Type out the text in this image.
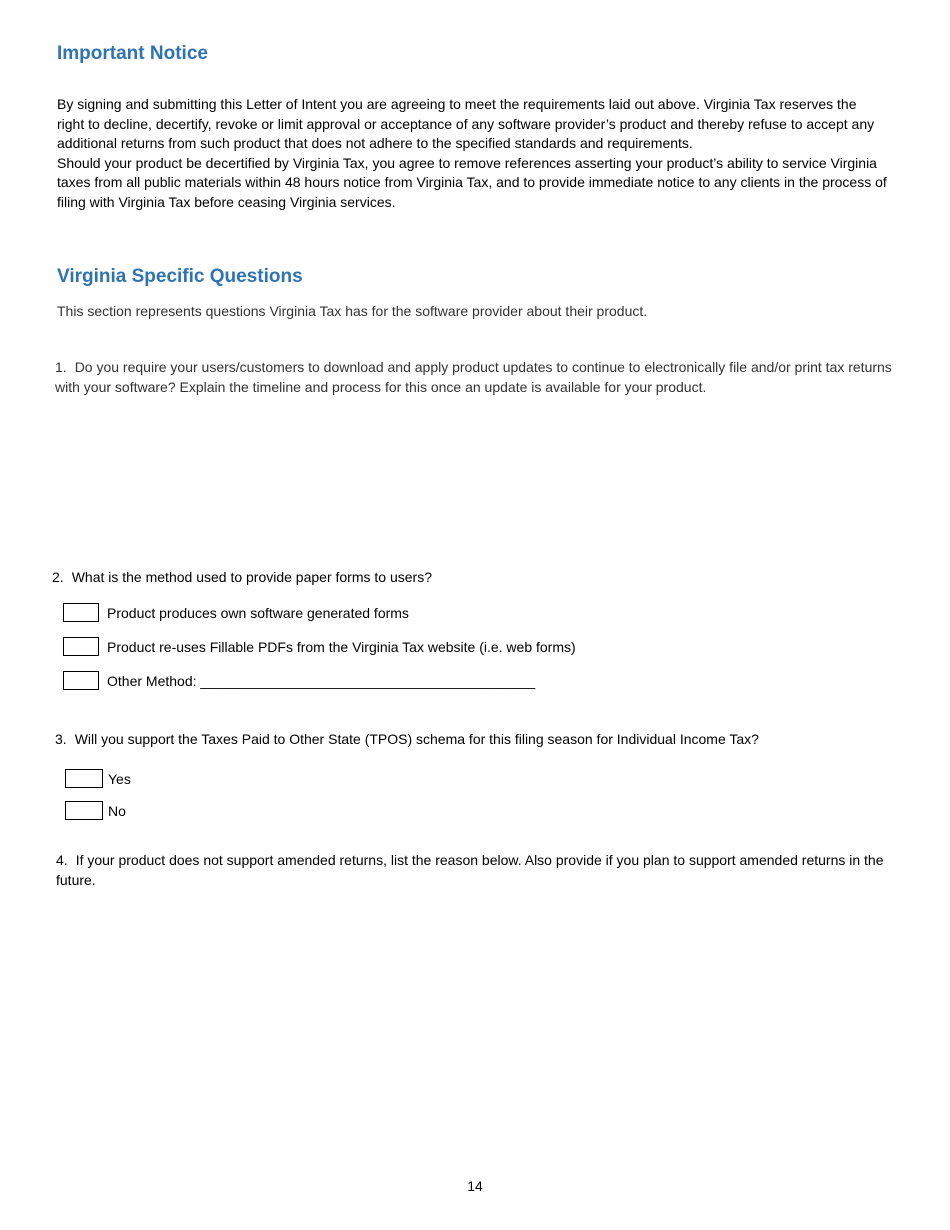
Important Notice

By signing and submitting this Letter of Intent you are agreeing to meet the requirements laid out above. Virginia Tax reserves the right to decline, decertify, revoke or limit approval or acceptance of any software provider’s product and thereby refuse to accept any additional returns from such product that does not adhere to the specified standards and requirements.

Should your product be decertified by Virginia Tax, you agree to remove references asserting your product’s ability to service Virginia taxes from all public materials within 48 hours notice from Virginia Tax, and to provide immediate notice to any clients in the process of filing with Virginia Tax before ceasing Virginia services.

Virginia Specific Questions
This section represents questions Virginia Tax has for the software provider about their product.

1. Do you require your users/customers to download and apply product updates to continue to electronically file and/or print tax returns with your software? Explain the timeline and process for this once an update is available for your product.

2. What is the method used to provide paper forms to users?

Product produces own software generated forms
Product re-uses Fillable PDFs from the Virginia Tax website (i.e. web forms)
Other Method: ___________________________________________

3. Will you support the Taxes Paid to Other State (TPOS) schema for this filing season for Individual Income Tax?

Yes
No

4. If your product does not support amended returns, list the reason below. Also provide if you plan to support amended returns in the future.

14
